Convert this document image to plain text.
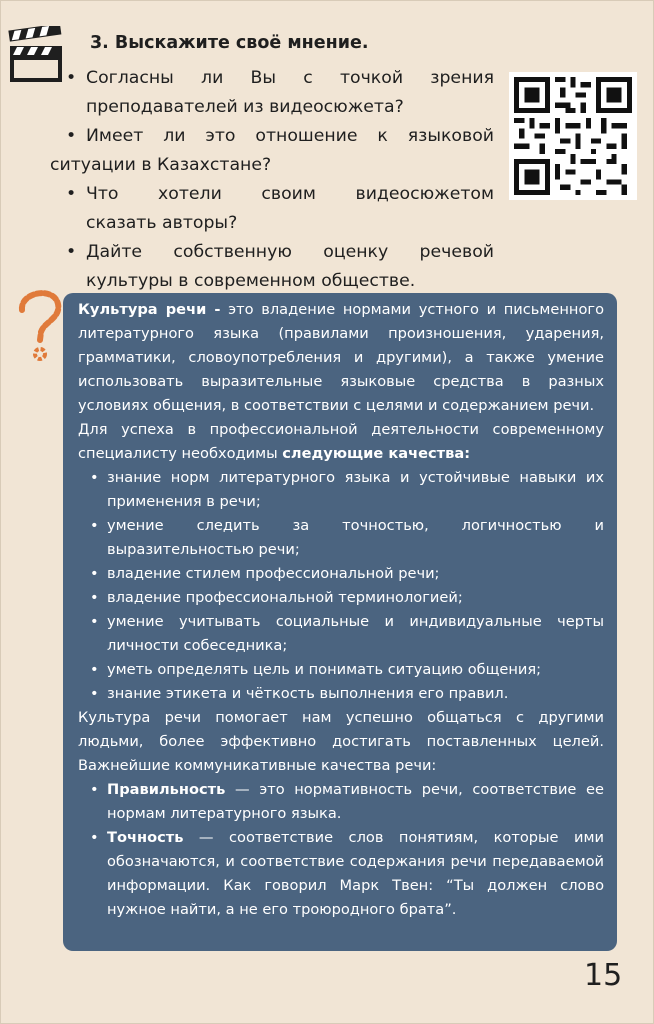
3. Выскажите своё мнение.
• Согласны ли Вы с точкой зрения
преподавателей из видеосюжета?
• Имеет ли это отношение к языковой
ситуации в Казахстане?
• Что хотели своим видеосюжетом
сказать авторы?
• Дайте собственную оценку речевой
культуры в современном обществе.

Культура речи - это владение нормами устного и письменного литературного языка (правилами произношения, ударения, грамматики, словоупотребления и другими), а также умение использовать выразительные языковые средства в разных условиях общения, в соответствии с целями и содержанием речи.

Для успеха в профессиональной деятельности современному специалисту необходимы следующие качества:

• знание норм литературного языка и устойчивые навыки их применения в речи;
• умение следить за точностью, логичностью и выразительностью речи;
• владение стилем профессиональной речи;
• владение профессиональной терминологией;
• умение учитывать социальные и индивидуальные черты личности собеседника;
• уметь определять цель и понимать ситуацию общения;
• знание этикета и чёткость выполнения его правил.

Культура речи помогает нам успешно общаться с другими людьми, более эффективно достигать поставленных целей. Важнейшие коммуникативные качества речи:

• Правильность — это нормативность речи, соответствие ее нормам литературного языка.
• Точность — соответствие слов понятиям, которые ими обозначаются, и соответствие содержания речи передаваемой информации. Как говорил Марк Твен: “Ты должен слово нужное найти, а не его троюродного брата”.
15
